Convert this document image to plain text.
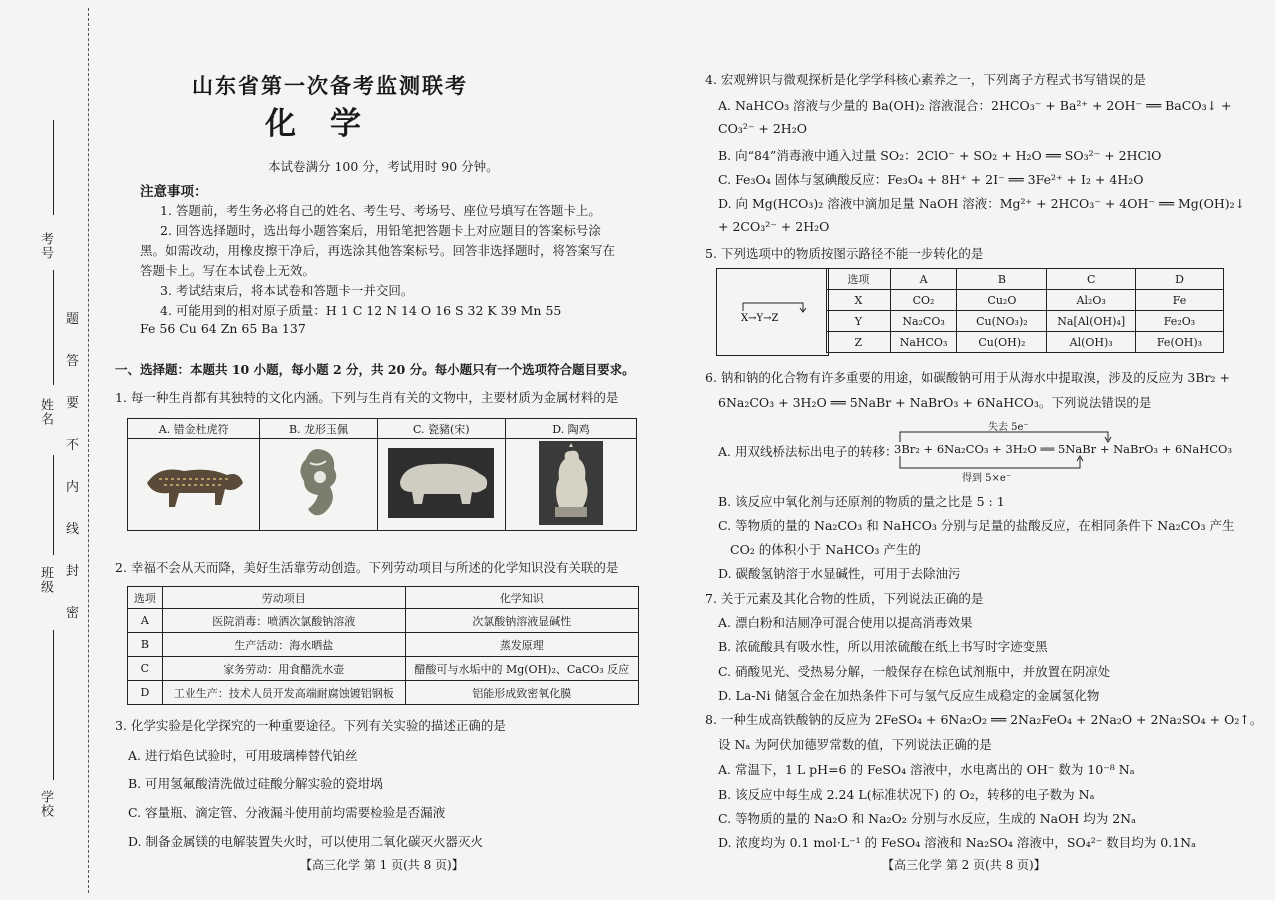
考号
姓名
班级
学校
题
答
要
不
内
线
封
密
山东省第一次备考监测联考
化学
本试卷满分 100 分，考试用时 90 分钟。
注意事项：
1. 答题前，考生务必将自己的姓名、考生号、考场号、座位号填写在答题卡上。
2. 回答选择题时，选出每小题答案后，用铅笔把答题卡上对应题目的答案标号涂
黑。如需改动，用橡皮擦干净后，再选涂其他答案标号。回答非选择题时，将答案写在
答题卡上。写在本试卷上无效。
3. 考试结束后，将本试卷和答题卡一并交回。
4. 可能用到的相对原子质量：H 1 C 12 N 14 O 16 S 32 K 39 Mn 55
Fe 56 Cu 64 Zn 65 Ba 137
一、选择题：本题共 10 小题，每小题 2 分，共 20 分。每小题只有一个选项符合题目要求。
1. 每一种生肖都有其独特的文化内涵。下列与生肖有关的文物中，主要材质为金属材料的是
A. 错金杜虎符	B. 龙形玉佩	C. 瓷豬(宋)	D. 陶鸡

2. 幸福不会从天而降，美好生活靠劳动创造。下列劳动项目与所述的化学知识没有关联的是
选项	劳动项目	化学知识
A	医院消毒：喷洒次氯酸钠溶液	次氯酸钠溶液显碱性
B	生产活动：海水晒盐	蒸发原理
C	家务劳动：用食醋洗水壶	醋酸可与水垢中的 Mg(OH)₂、CaCO₃ 反应
D	工业生产：技术人员开发高端耐腐蚀镀铝钢板	铝能形成致密氧化膜
3. 化学实验是化学探究的一种重要途径。下列有关实验的描述正确的是
A. 进行焰色试验时，可用玻璃棒替代铂丝
B. 可用氢氟酸清洗做过硅酸分解实验的瓷坩埚
C. 容量瓶、滴定管、分液漏斗使用前均需要检验是否漏液
D. 制备金属镁的电解装置失火时，可以使用二氧化碳灭火器灭火
【高三化学 第 1 页(共 8 页)】
4. 宏观辨识与微观探析是化学学科核心素养之一，下列离子方程式书写错误的是
A. NaHCO₃ 溶液与少量的 Ba(OH)₂ 溶液混合：2HCO₃⁻ + Ba²⁺ + 2OH⁻ ══ BaCO₃↓ +
CO₃²⁻ + 2H₂O
B. 向“84”消毒液中通入过量 SO₂：2ClO⁻ + SO₂ + H₂O ══ SO₃²⁻ + 2HClO
C. Fe₃O₄ 固体与氢碘酸反应：Fe₃O₄ + 8H⁺ + 2I⁻ ══ 3Fe²⁺ + I₂ + 4H₂O
D. 向 Mg(HCO₃)₂ 溶液中滴加足量 NaOH 溶液：Mg²⁺ + 2HCO₃⁻ + 4OH⁻ ══ Mg(OH)₂↓
+ 2CO₃²⁻ + 2H₂O
5. 下列选项中的物质按图示路径不能一步转化的是
X→Y→Z
选项	A	B	C	D
X	CO₂	Cu₂O	Al₂O₃	Fe
Y	Na₂CO₃	Cu(NO₃)₂	Na[Al(OH)₄]	Fe₂O₃
Z	NaHCO₃	Cu(OH)₂	Al(OH)₃	Fe(OH)₃
6. 钠和钠的化合物有许多重要的用途，如碳酸钠可用于从海水中提取溴，涉及的反应为 3Br₂ +
6Na₂CO₃ + 3H₂O ══ 5NaBr + NaBrO₃ + 6NaHCO₃。下列说法错误的是
失去 5e⁻
A. 用双线桥法标出电子的转移：
3Br₂ + 6Na₂CO₃ + 3H₂O ══ 5NaBr + NaBrO₃ + 6NaHCO₃
得到 5×e⁻
B. 该反应中氧化剂与还原剂的物质的量之比是 5 : 1
C. 等物质的量的 Na₂CO₃ 和 NaHCO₃ 分别与足量的盐酸反应，在相同条件下 Na₂CO₃ 产生
CO₂ 的体积小于 NaHCO₃ 产生的
D. 碳酸氢钠溶于水显碱性，可用于去除油污
7. 关于元素及其化合物的性质，下列说法正确的是
A. 漂白粉和洁厕净可混合使用以提高消毒效果
B. 浓硫酸具有吸水性，所以用浓硫酸在纸上书写时字迹变黑
C. 硝酸见光、受热易分解，一般保存在棕色试剂瓶中，并放置在阴凉处
D. La-Ni 储氢合金在加热条件下可与氢气反应生成稳定的金属氢化物
8. 一种生成高铁酸钠的反应为 2FeSO₄ + 6Na₂O₂ ══ 2Na₂FeO₄ + 2Na₂O + 2Na₂SO₄ + O₂↑。
设 Nₐ 为阿伏加德罗常数的值，下列说法正确的是
A. 常温下，1 L pH=6 的 FeSO₄ 溶液中，水电离出的 OH⁻ 数为 10⁻⁸ Nₐ
B. 该反应中每生成 2.24 L(标准状况下) 的 O₂，转移的电子数为 Nₐ
C. 等物质的量的 Na₂O 和 Na₂O₂ 分别与水反应，生成的 NaOH 均为 2Nₐ
D. 浓度均为 0.1 mol·L⁻¹ 的 FeSO₄ 溶液和 Na₂SO₄ 溶液中，SO₄²⁻ 数目均为 0.1Nₐ
【高三化学 第 2 页(共 8 页)】
